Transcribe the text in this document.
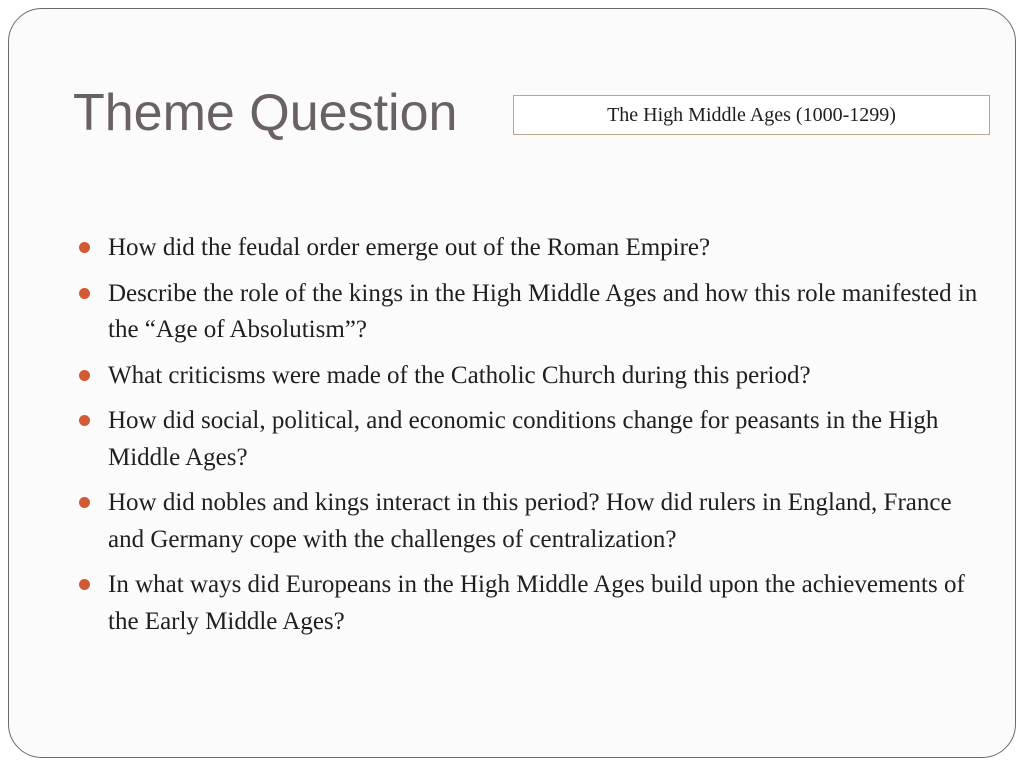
Theme Question	The High Middle Ages (1000-1299)
How did the feudal order emerge out of the Roman Empire?
Describe the role of the kings in the High Middle Ages and how this role manifested in the “Age of Absolutism”?
What criticisms were made of the Catholic Church during this period?
How did social, political, and economic conditions change for peasants in the High Middle Ages?
How did nobles and kings interact in this period? How did rulers in England, France and Germany cope with the challenges of centralization?
In what ways did Europeans in the High Middle Ages build upon the achievements of the Early Middle Ages?
